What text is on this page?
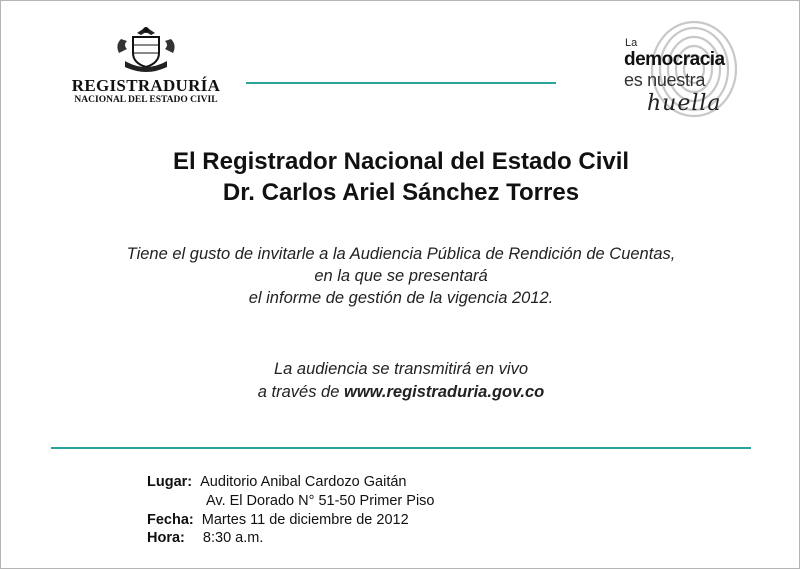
REGISTRADURÍA
NACIONAL DEL ESTADO CIVIL
La
democracia
es nuestra
huella
El Registrador Nacional del Estado Civil
Dr. Carlos Ariel Sánchez Torres
Tiene el gusto de invitarle a la Audiencia Pública de Rendición de Cuentas,
en la que se presentará
el informe de gestión de la vigencia 2012.
La audiencia se transmitirá en vivo
a través de www.registraduria.gov.co
Lugar: Auditorio Anibal Cardozo Gaitán
Av. El Dorado N° 51-50 Primer Piso
Fecha: Martes 11 de diciembre de 2012
Hora: 8:30 a.m.
